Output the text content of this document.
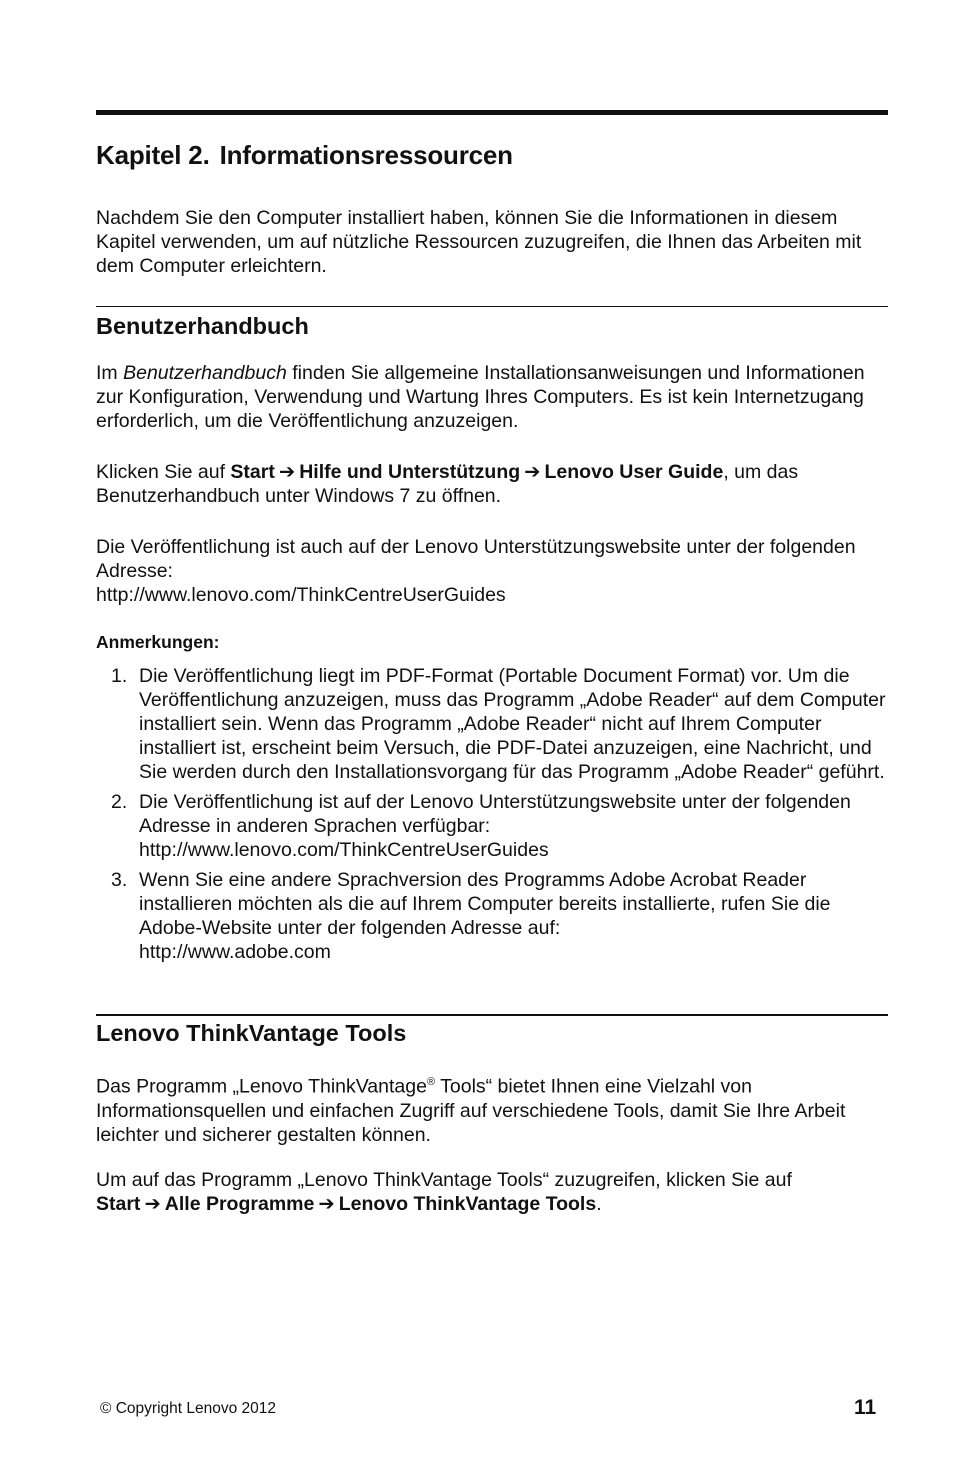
Kapitel 2. Informationsressourcen

Nachdem Sie den Computer installiert haben, können Sie die Informationen in diesem Kapitel verwenden, um auf nützliche Ressourcen zuzugreifen, die Ihnen das Arbeiten mit dem Computer erleichtern.

Benutzerhandbuch

Im Benutzerhandbuch finden Sie allgemeine Installationsanweisungen und Informationen zur Konfiguration, Verwendung und Wartung Ihres Computers. Es ist kein Internetzugang erforderlich, um die Veröffentlichung anzuzeigen.

Klicken Sie auf Start ➔ Hilfe und Unterstützung ➔ Lenovo User Guide, um das Benutzerhandbuch unter Windows 7 zu öffnen.

Die Veröffentlichung ist auch auf der Lenovo Unterstützungswebsite unter der folgenden Adresse:
http://www.lenovo.com/ThinkCentreUserGuides

Anmerkungen:

1. Die Veröffentlichung liegt im PDF-Format (Portable Document Format) vor. Um die Veröffentlichung anzuzeigen, muss das Programm „Adobe Reader“ auf dem Computer installiert sein. Wenn das Programm „Adobe Reader“ nicht auf Ihrem Computer installiert ist, erscheint beim Versuch, die PDF-Datei anzuzeigen, eine Nachricht, und Sie werden durch den Installationsvorgang für das Programm „Adobe Reader“ geführt.
2. Die Veröffentlichung ist auf der Lenovo Unterstützungswebsite unter der folgenden Adresse in anderen Sprachen verfügbar:
http://www.lenovo.com/ThinkCentreUserGuides
3. Wenn Sie eine andere Sprachversion des Programms Adobe Acrobat Reader installieren möchten als die auf Ihrem Computer bereits installierte, rufen Sie die Adobe-Website unter der folgenden Adresse auf:
http://www.adobe.com
Lenovo ThinkVantage Tools

Das Programm „Lenovo ThinkVantage® Tools“ bietet Ihnen eine Vielzahl von Informationsquellen und einfachen Zugriff auf verschiedene Tools, damit Sie Ihre Arbeit leichter und sicherer gestalten können.

Um auf das Programm „Lenovo ThinkVantage Tools“ zuzugreifen, klicken Sie auf Start ➔ Alle Programme ➔ Lenovo ThinkVantage Tools.

© Copyright Lenovo 2012	11
